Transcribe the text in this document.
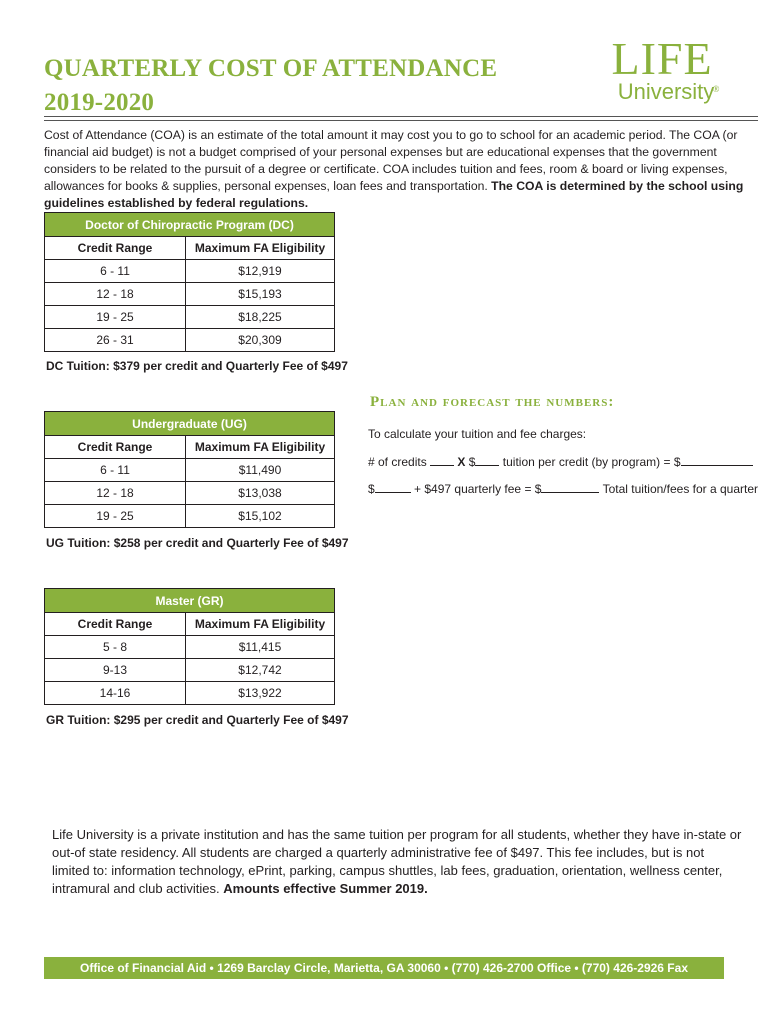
QUARTERLY COST OF ATTENDANCE
2019-2020
LIFE®
University

Cost of Attendance (COA) is an estimate of the total amount it may cost you to go to school for an academic period. The COA (or financial aid budget) is not a budget comprised of your personal expenses but are educational expenses that the government considers to be related to the pursuit of a degree or certificate. COA includes tuition and fees, room & board or living expenses, allowances for books & supplies, personal expenses, loan fees and transportation. The COA is determined by the school using guidelines established by federal regulations.

Doctor of Chiropractic Program (DC)	
Credit Range	Maximum FA Eligibility
6 - 11	$12,919
12 - 18	$15,193
19 - 25	$18,225
26 - 31	$20,309
DC Tuition: $379 per credit and Quarterly Fee of $497
Undergraduate (UG)	
Credit Range	Maximum FA Eligibility
6 - 11	$11,490
12 - 18	$13,038
19 - 25	$15,102
UG Tuition: $258 per credit and Quarterly Fee of $497
Master (GR)	
Credit Range	Maximum FA Eligibility
5 - 8	$11,415
9-13	$12,742
14-16	$13,922
GR Tuition: $295 per credit and Quarterly Fee of $497
Plan and forecast the numbers:
To calculate your tuition and fee charges:
# of credits	X $ tuition per credit (by program) = $
$	+ $497 quarterly fee = $	Total tuition/fees for a quarter

Life University is a private institution and has the same tuition per program for all students, whether they have in-state or out-of state residency. All students are charged a quarterly administrative fee of $497. This fee includes, but is not limited to: information technology, ePrint, parking, campus shuttles, lab fees, graduation, orientation, wellness center, intramural and club activities. Amounts effective Summer 2019.

Office of Financial Aid • 1269 Barclay Circle, Marietta, GA 30060 • (770) 426-2700 Office • (770) 426-2926 Fax
